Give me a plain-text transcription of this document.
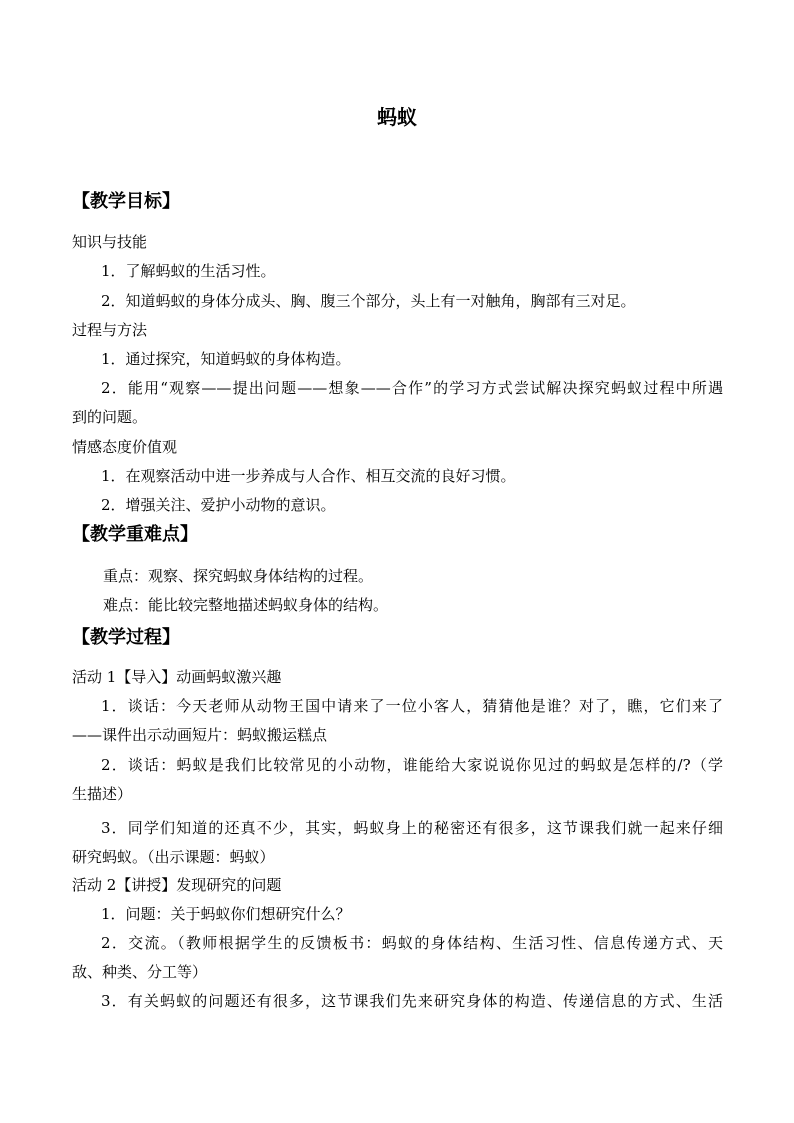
蚂蚁
【教学目标】
知识与技能
1．了解蚂蚁的生活习性。
2．知道蚂蚁的身体分成头、胸、腹三个部分，头上有一对触角，胸部有三对足。
过程与方法
1．通过探究，知道蚂蚁的身体构造。
2．能用“观察——提出问题——想象——合作”的学习方式尝试解决探究蚂蚁过程中所遇
到的问题。
情感态度价值观
1．在观察活动中进一步养成与人合作、相互交流的良好习惯。
2．增强关注、爱护小动物的意识。
【教学重难点】
重点：观察、探究蚂蚁身体结构的过程。
难点：能比较完整地描述蚂蚁身体的结构。
【教学过程】
活动 1【导入】动画蚂蚁激兴趣
1．谈话：今天老师从动物王国中请来了一位小客人，猜猜他是谁？对了，瞧，它们来了
——课件出示动画短片：蚂蚁搬运糕点
2．谈话：蚂蚁是我们比较常见的小动物，谁能给大家说说你见过的蚂蚁是怎样的/?（学
生描述）
3．同学们知道的还真不少，其实，蚂蚁身上的秘密还有很多，这节课我们就一起来仔细
研究蚂蚁。（出示课题：蚂蚁）
活动 2【讲授】发现研究的问题
1．问题：关于蚂蚁你们想研究什么？
2．交流。（教师根据学生的反馈板书：蚂蚁的身体结构、生活习性、信息传递方式、天
敌、种类、分工等）
3．有关蚂蚁的问题还有很多，这节课我们先来研究身体的构造、传递信息的方式、生活
